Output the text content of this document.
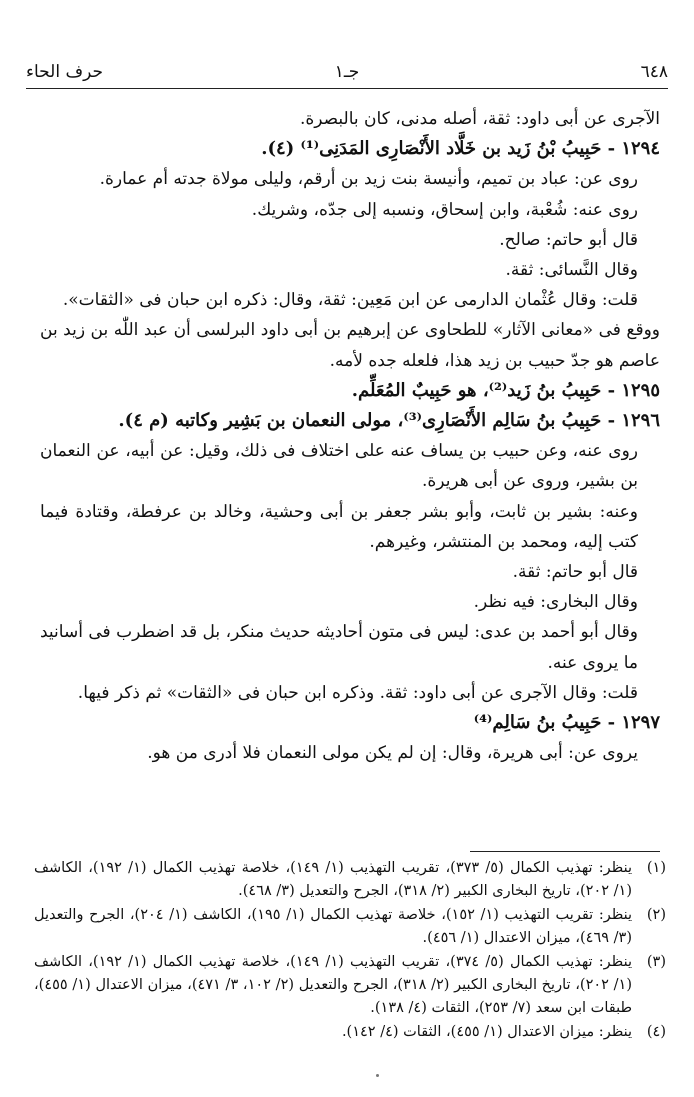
٦٤٨
جـ١
حرف الحاء

الآجرى عن أبى داود: ثقة، أصله مدنى، كان بالبصرة.

١٢٩٤ - حَبِيبُ بْنُ زَيد بن خَلَّاد الأَنْصَارِى المَدَنِى⁽¹⁾ (٤).

روى عن: عباد بن تميم، وأنيسة بنت زيد بن أرقم، وليلى مولاة جدته أم عمارة.

روى عنه: شُعْبة، وابن إسحاق، ونسبه إلى جدّه، وشريك.

قال أبو حاتم: صالح.

وقال النَّسائى: ثقة.

قلت: وقال عُثْمان الدارمى عن ابن مَعِين: ثقة، وقال: ذكره ابن حبان فى «الثقات».

ووقع فى «معانى الآثار» للطحاوى عن إبرهيم بن أبى داود البرلسى أن عبد اللّٰه بن زيد بن عاصم هو جدّ حبيب بن زيد هذا، فلعله جده لأمه.

١٢٩٥ - حَبِيبُ بنُ زَيد⁽²⁾، هو حَبِيبٌ المُعَلِّم.

١٢٩٦ - حَبِيبُ بنُ سَالِم الأَنْصَارِى⁽³⁾، مولى النعمان بن بَشِير وكاتبه (م ٤).

روى عنه، وعن حبيب بن يساف عنه على اختلاف فى ذلك، وقيل: عن أبيه، عن النعمان بن بشير، وروى عن أبى هريرة.

وعنه: بشير بن ثابت، وأبو بشر جعفر بن أبى وحشية، وخالد بن عرفطة، وقتادة فيما كتب إليه، ومحمد بن المنتشر، وغيرهم.

قال أبو حاتم: ثقة.

وقال البخارى: فيه نظر.

وقال أبو أحمد بن عدى: ليس فى متون أحاديثه حديث منكر، بل قد اضطرب فى أسانيد ما يروى عنه.

قلت: وقال الآجرى عن أبى داود: ثقة. وذكره ابن حبان فى «الثقات» ثم ذكر فيها.

١٢٩٧ - حَبِيبُ بنُ سَالِم⁽⁴⁾

يروى عن: أبى هريرة، وقال: إن لم يكن مولى النعمان فلا أدرى من هو.

(١)
ينظر: تهذيب الكمال (٥/ ٣٧٣)، تقريب التهذيب (١/ ١٤٩)، خلاصة تهذيب الكمال (١/ ١٩٢)، الكاشف (١/ ٢٠٢)، تاريخ البخارى الكبير (٢/ ٣١٨)، الجرح والتعديل (٣/ ٤٦٨).
(٢)
ينظر: تقريب التهذيب (١/ ١٥٢)، خلاصة تهذيب الكمال (١/ ١٩٥)، الكاشف (١/ ٢٠٤)، الجرح والتعديل (٣/ ٤٦٩)، ميزان الاعتدال (١/ ٤٥٦).
(٣)
ينظر: تهذيب الكمال (٥/ ٣٧٤)، تقريب التهذيب (١/ ١٤٩)، خلاصة تهذيب الكمال (١/ ١٩٢)، الكاشف (١/ ٢٠٢)، تاريخ البخارى الكبير (٢/ ٣١٨)، الجرح والتعديل (٢/ ١٠٢، ٣/ ٤٧١)، ميزان الاعتدال (١/ ٤٥٥)، طبقات ابن سعد (٧/ ٢٥٣)، الثقات (٤/ ١٣٨).
(٤)
ينظر: ميزان الاعتدال (١/ ٤٥٥)، الثقات (٤/ ١٤٢).
